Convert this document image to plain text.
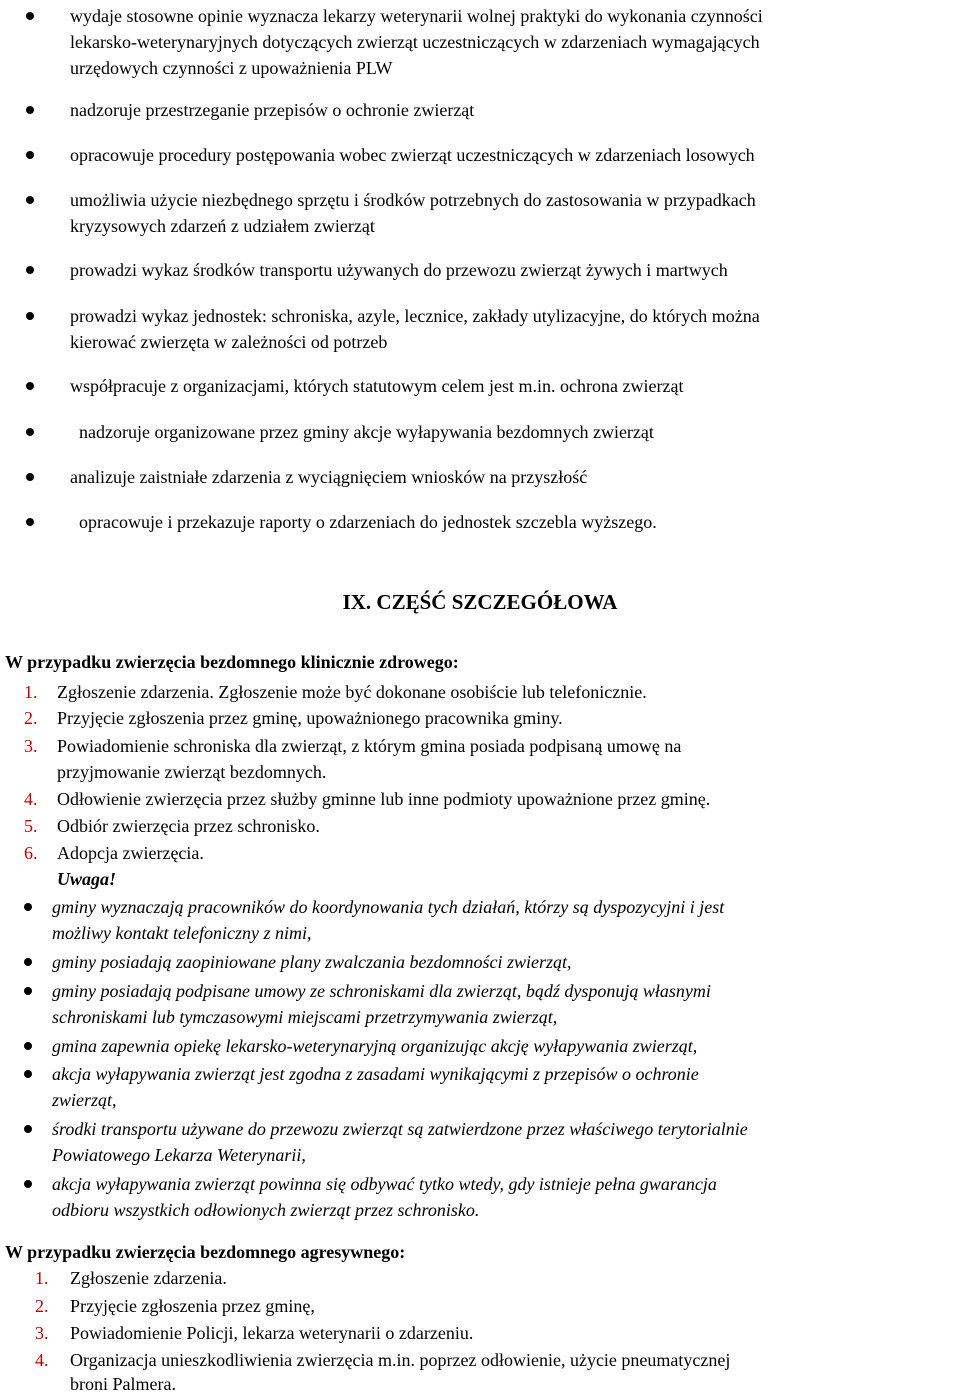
wydaje stosowne opinie wyznacza lekarzy weterynarii wolnej praktyki do wykonania czynności
lekarsko-weterynaryjnych dotyczących zwierząt uczestniczących w zdarzeniach wymagających
urzędowych czynności z upoważnienia PLW
nadzoruje przestrzeganie przepisów o ochronie zwierząt
opracowuje procedury postępowania wobec zwierząt uczestniczących w zdarzeniach losowych
umożliwia użycie niezbędnego sprzętu i środków potrzebnych do zastosowania w przypadkach
kryzysowych zdarzeń z udziałem zwierząt
prowadzi wykaz środków transportu używanych do przewozu zwierząt żywych i martwych
prowadzi wykaz jednostek: schroniska, azyle, lecznice, zakłady utylizacyjne, do których można
kierować zwierzęta w zależności od potrzeb
współpracuje z organizacjami, których statutowym celem jest m.in. ochrona zwierząt
nadzoruje organizowane przez gminy akcje wyłapywania bezdomnych zwierząt
analizuje zaistniałe zdarzenia z wyciągnięciem wniosków na przyszłość
opracowuje i przekazuje raporty o zdarzeniach do jednostek szczebla wyższego.
IX. CZĘŚĆ SZCZEGÓŁOWA
W przypadku zwierzęcia bezdomnego klinicznie zdrowego:
1. Zgłoszenie zdarzenia. Zgłoszenie może być dokonane osobiście lub telefonicznie.
2. Przyjęcie zgłoszenia przez gminę, upoważnionego pracownika gminy.
3. Powiadomienie schroniska dla zwierząt, z którym gmina posiada podpisaną umowę na
przyjmowanie zwierząt bezdomnych.
4. Odłowienie zwierzęcia przez służby gminne lub inne podmioty upoważnione przez gminę.
5. Odbiór zwierzęcia przez schronisko.
6. Adopcja zwierzęcia.
Uwaga!
gminy wyznaczają pracowników do koordynowania tych działań, którzy są dyspozycyjni i jest
możliwy kontakt telefoniczny z nimi,
gminy posiadają zaopiniowane plany zwalczania bezdomności zwierząt,
gminy posiadają podpisane umowy ze schroniskami dla zwierząt, bądź dysponują własnymi
schroniskami lub tymczasowymi miejscami przetrzymywania zwierząt,
gmina zapewnia opiekę lekarsko-weterynaryjną organizując akcję wyłapywania zwierząt,
akcja wyłapywania zwierząt jest zgodna z zasadami wynikającymi z przepisów o ochronie
zwierząt,
środki transportu używane do przewozu zwierząt są zatwierdzone przez właściwego terytorialnie
Powiatowego Lekarza Weterynarii,
akcja wyłapywania zwierząt powinna się odbywać tytko wtedy, gdy istnieje pełna gwarancja
odbioru wszystkich odłowionych zwierząt przez schronisko.
W przypadku zwierzęcia bezdomnego agresywnego:
1. Zgłoszenie zdarzenia.
2. Przyjęcie zgłoszenia przez gminę,
3. Powiadomienie Policji, lekarza weterynarii o zdarzeniu.
4. Organizacja unieszkodliwienia zwierzęcia m.in. poprzez odłowienie, użycie pneumatycznej
broni Palmera.
